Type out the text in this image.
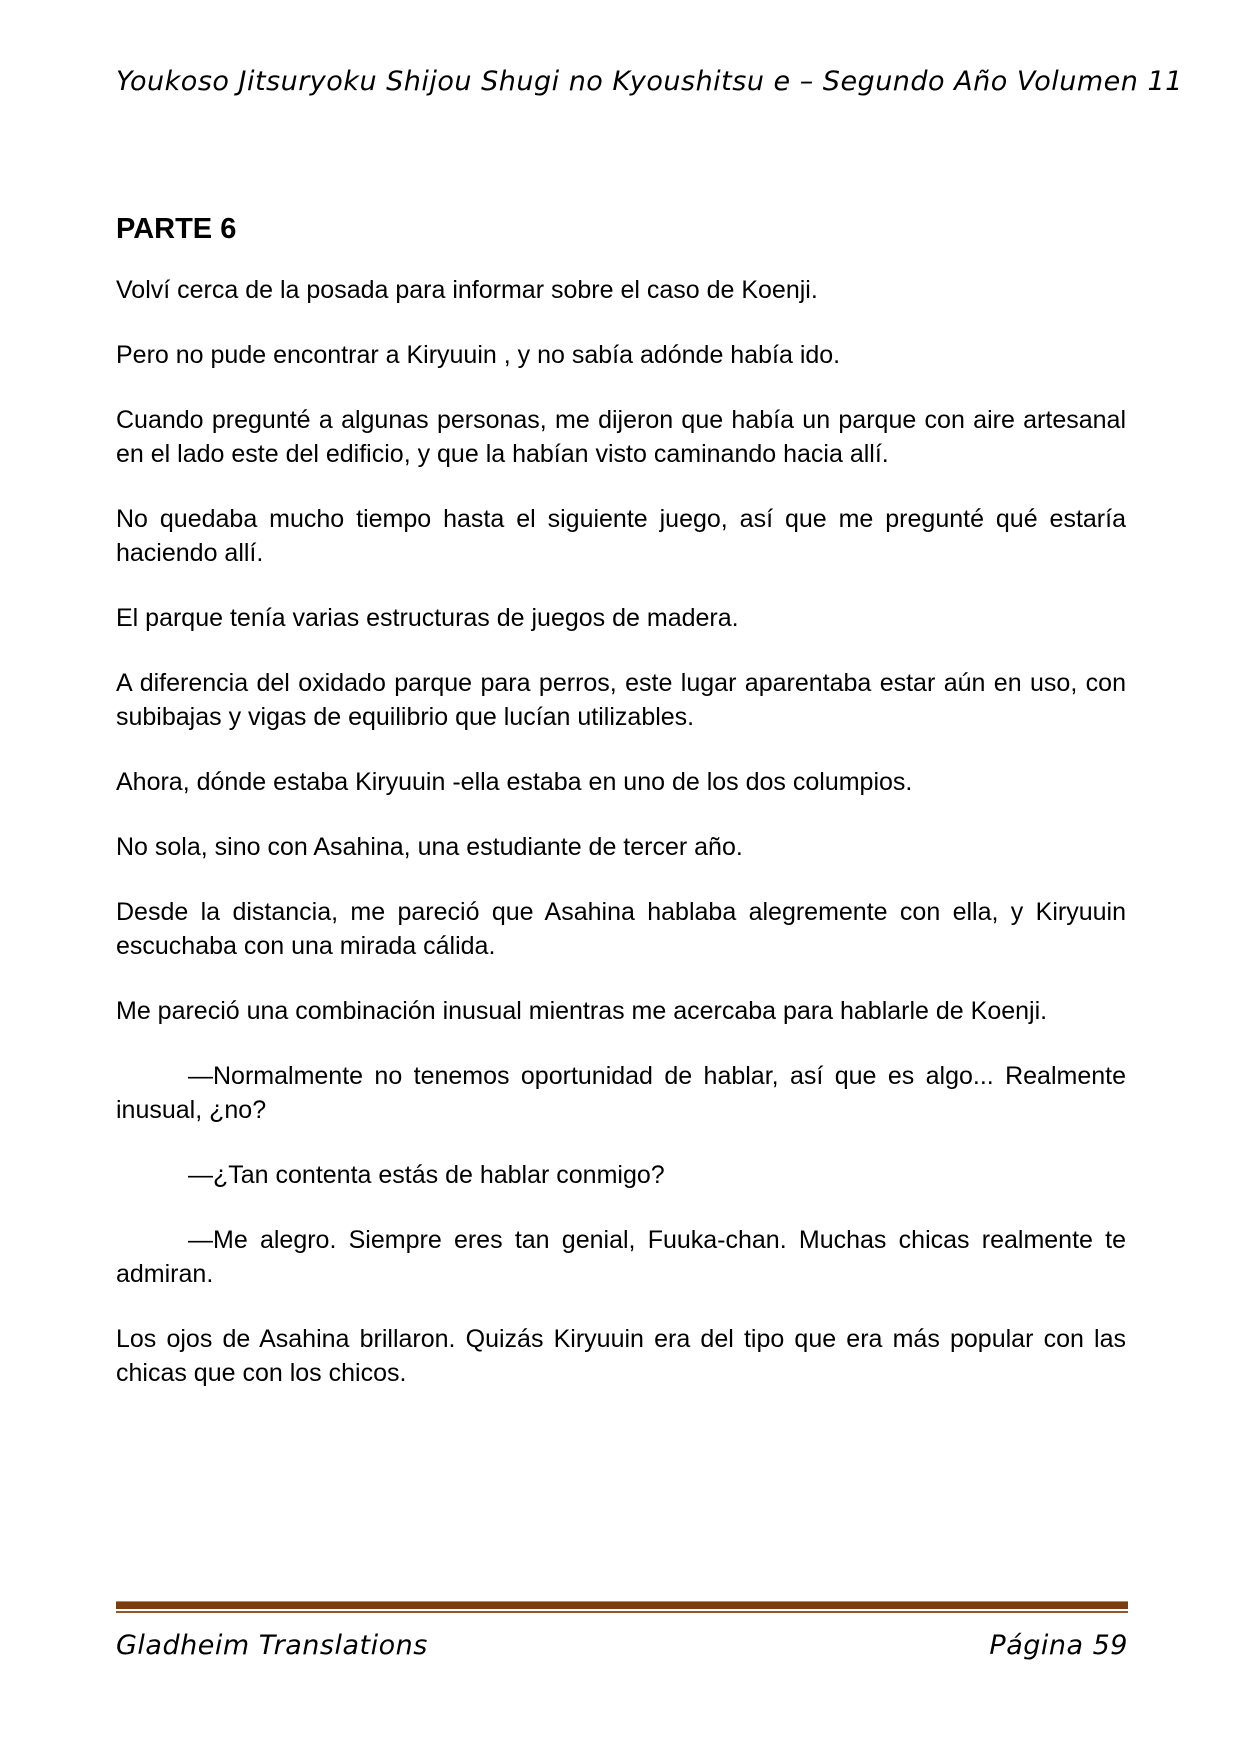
Youkoso Jitsuryoku Shijou Shugi no Kyoushitsu e – Segundo Año Volumen 11
PARTE 6

Volví cerca de la posada para informar sobre el caso de Koenji.

Pero no pude encontrar a Kiryuuin , y no sabía adónde había ido.

Cuando pregunté a algunas personas, me dijeron que había un parque con aire artesanal en el lado este del edificio, y que la habían visto caminando hacia allí.

No quedaba mucho tiempo hasta el siguiente juego, así que me pregunté qué estaría haciendo allí.

El parque tenía varias estructuras de juegos de madera.

A diferencia del oxidado parque para perros, este lugar aparentaba estar aún en uso, con subibajas y vigas de equilibrio que lucían utilizables.

Ahora, dónde estaba Kiryuuin -ella estaba en uno de los dos columpios.

No sola, sino con Asahina, una estudiante de tercer año.

Desde la distancia, me pareció que Asahina hablaba alegremente con ella, y Kiryuuin escuchaba con una mirada cálida.

Me pareció una combinación inusual mientras me acercaba para hablarle de Koenji.

—Normalmente no tenemos oportunidad de hablar, así que es algo... Realmente inusual, ¿no?

—¿Tan contenta estás de hablar conmigo?

—Me alegro. Siempre eres tan genial, Fuuka-chan. Muchas chicas realmente te admiran.

Los ojos de Asahina brillaron. Quizás Kiryuuin era del tipo que era más popular con las chicas que con los chicos.

Gladheim Translations	Página 59
